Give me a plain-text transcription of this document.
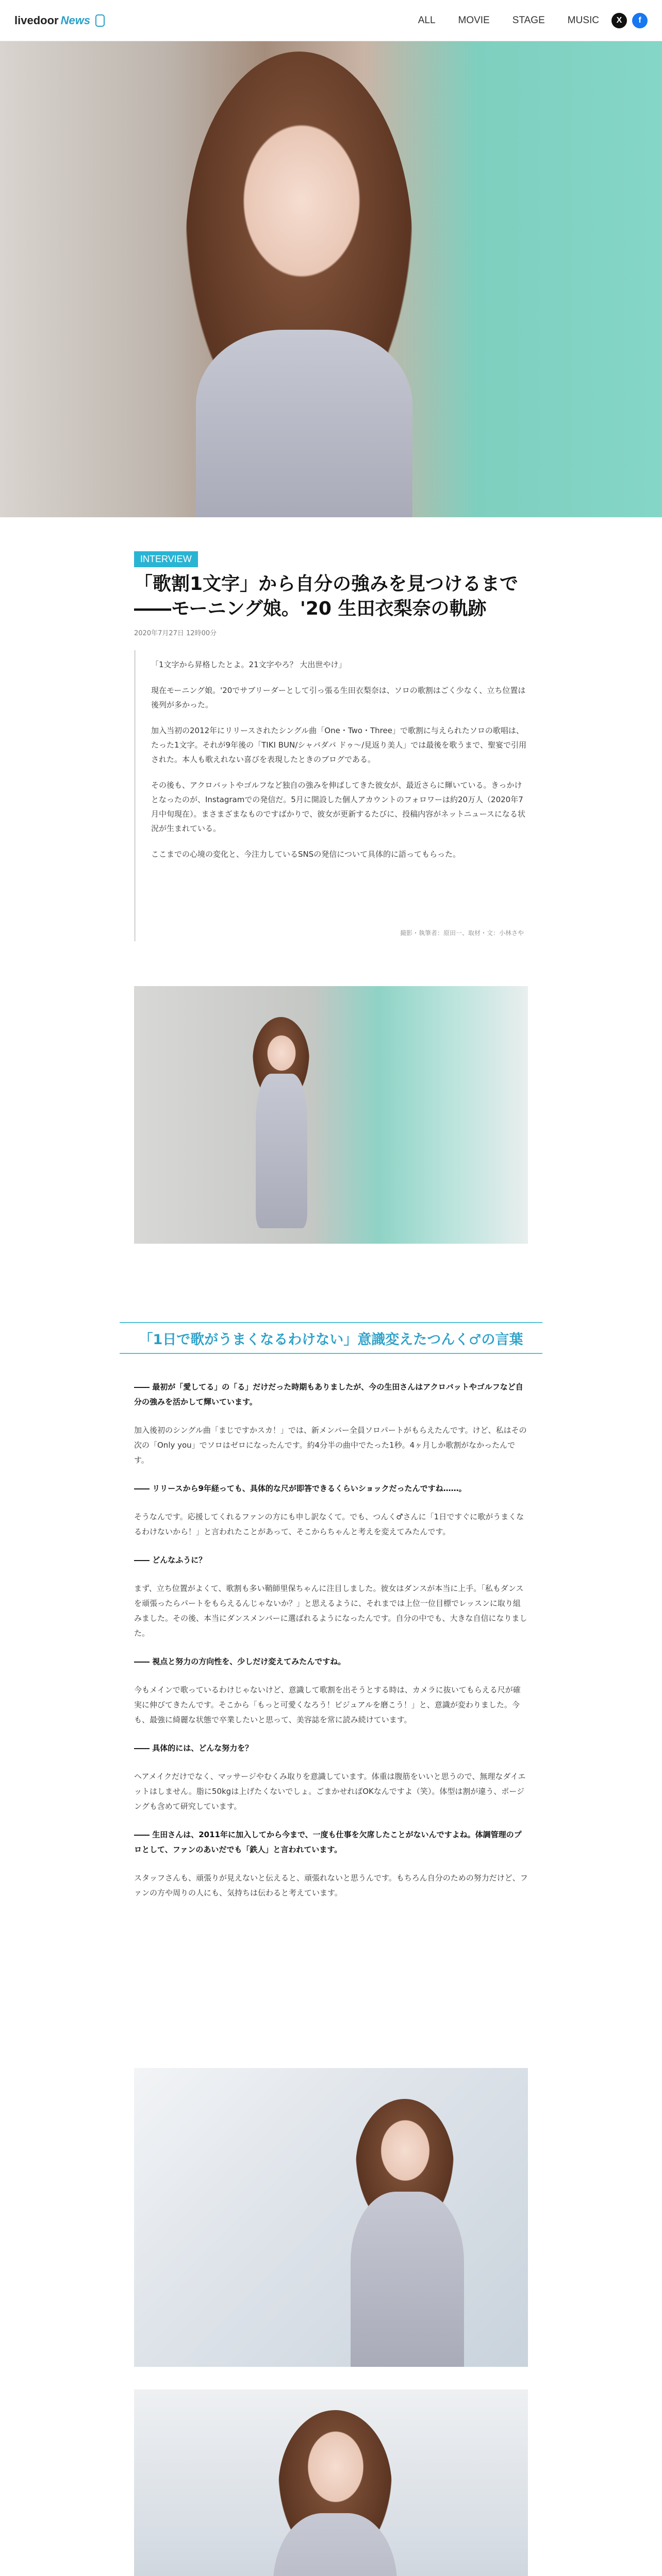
livedoor News	ALL MOVIE STAGE MUSIC	X	f
INTERVIEW
「歌割1文字」から自分の強みを見つけるまで――モーニング娘。'20 生田衣梨奈の軌跡
2020年7月27日 12時00分

「1文字から昇格したとよ。21文字やろ？ 大出世やけ」

現在モーニング娘。'20でサブリーダーとして引っ張る生田衣梨奈は、ソロの歌割はごく少なく、立ち位置は後列が多かった。

加入当初の2012年にリリースされたシングル曲「One・Two・Three」で歌割に与えられたソロの歌唱は、たった1文字。それが9年後の「TIKI BUN/シャバダバ ドゥ〜/見返り美人」では最後を歌うまで、聖宴で引用された。本人も歌えれない喜びを表現したときのブログである。

その後も、アクロバットやゴルフなど独自の強みを伸ばしてきた彼女が、最近さらに輝いている。きっかけとなったのが、Instagramでの発信だ。5月に開設した個人アカウントのフォロワーは約20万人（2020年7月中旬現在）。まさまざまなものですばかりで、彼女が更新するたびに、投稿内容がネットニュースになる状況が生まれている。

ここまでの心境の変化と、今注力しているSNSの発信について具体的に語ってもらった。

撮影・執筆者：原田一、取材・文：小林さや
「1日で歌がうまくなるわけない」意識変えたつんく♂の言葉

―― 最初が「愛してる」の「る」だけだった時期もありましたが、今の生田さんはアクロバットやゴルフなど自分の強みを活かして輝いています。

加入後初のシングル曲「まじですかスカ！」では、新メンバー全員ソロパートがもらえたんです。けど、私はその次の「Only you」でソロはゼロになったんです。約4分半の曲中でたった1秒。4ヶ月しか歌割がなかったんです。

―― リリースから9年経っても、具体的な尺が即答できるくらいショックだったんですね……。

そうなんです。応援してくれるファンの方にも申し訳なくて。でも、つんく♂さんに「1日ですぐに歌がうまくなるわけないから！」と言われたことがあって、そこからちゃんと考えを変えてみたんです。

―― どんなふうに？

まず、立ち位置がよくて、歌割も多い鞘師里保ちゃんに注目しました。彼女はダンスが本当に上手。「私もダンスを頑張ったらパートをもらえるんじゃないか？」と思えるように、それまでは上位一位目標でレッスンに取り組みました。その後、本当にダンスメンバーに選ばれるようになったんです。自分の中でも、大きな自信になりました。

―― 視点と努力の方向性を、少しだけ変えてみたんですね。

今もメインで歌っているわけじゃないけど、意識して歌割を出そうとする時は、カメラに抜いてもらえる尺が確実に伸びてきたんです。そこから「もっと可愛くなろう！ビジュアルを磨こう！」と、意識が変わりました。今も、最強に綺麗な状態で卒業したいと思って、美容誌を常に読み続けています。

―― 具体的には、どんな努力を？

ヘアメイクだけでなく、マッサージやむくみ取りを意識しています。体重は腹筋をいいと思うので、無理なダイエットはしません。脂に50kgは上げたくないでしょ。ごまかせればOKなんですよ（笑）。体型は割が違う、ポージングも含めて研究しています。

―― 生田さんは、2011年に加入してから今まで、一度も仕事を欠席したことがないんですよね。体調管理のプロとして、ファンのあいだでも「鉄人」と言われています。

スタッフさんも、頑張りが見えないと伝えると、頑張れないと思うんです。もちろん自分のための努力だけど、ファンの方や周りの人にも、気持ちは伝わると考えています。
